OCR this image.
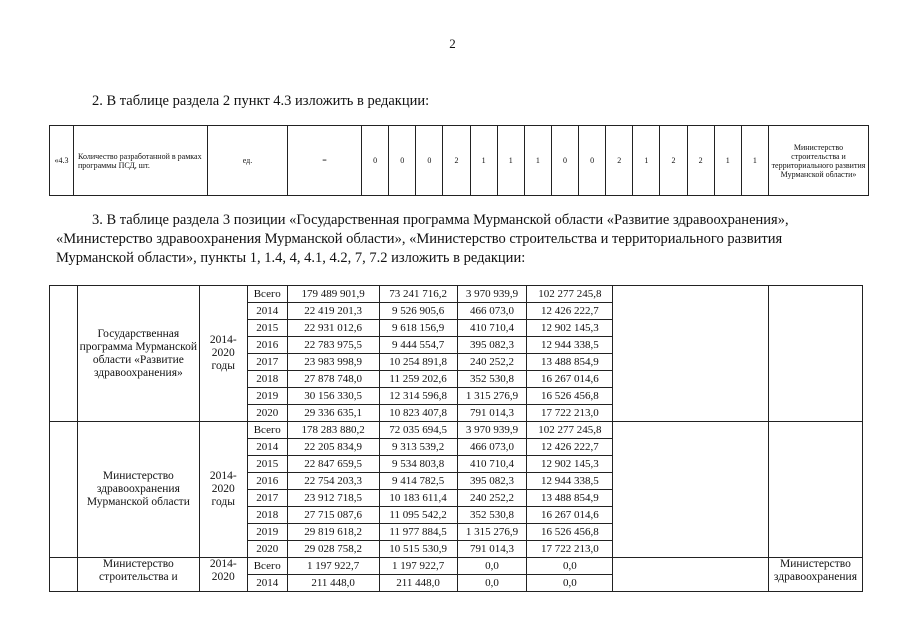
2
2. В таблице раздела 2 пункт 4.3 изложить в редакции:
«4.3	Количество разработанной в рамках программы ПСД, шт.	ед.	=	0	0	0	2	1	1	1	0	0	2	1	2	2	1	1	Министерство строительства и территориального развития Мурманской области»
3. В таблице раздела 3 позиции «Государственная программа Мурманской области «Развитие здравоохранения»,
«Министерство здравоохранения Мурманской области», «Министерство строительства и территориального развития
Мурманской области», пункты 1, 1.4, 4, 4.1, 4.2, 7, 7.2 изложить в редакции:
	Государственная программа Мурманской области «Развитие здравоохранения»	2014-2020 годы	Всего	179 489 901,9	73 241 716,2	3 970 939,9	102 277 245,8		
			2014	22 419 201,3	9 526 905,6	466 073,0	12 426 222,7		
			2015	22 931 012,6	9 618 156,9	410 710,4	12 902 145,3		
			2016	22 783 975,5	9 444 554,7	395 082,3	12 944 338,5		
			2017	23 983 998,9	10 254 891,8	240 252,2	13 488 854,9		
			2018	27 878 748,0	11 259 202,6	352 530,8	16 267 014,6		
			2019	30 156 330,5	12 314 596,8	1 315 276,9	16 526 456,8		
			2020	29 336 635,1	10 823 407,8	791 014,3	17 722 213,0		
	Министерство здравоохранения Мурманской области	2014-2020 годы	Всего	178 283 880,2	72 035 694,5	3 970 939,9	102 277 245,8		
			2014	22 205 834,9	9 313 539,2	466 073,0	12 426 222,7		
			2015	22 847 659,5	9 534 803,8	410 710,4	12 902 145,3		
			2016	22 754 203,3	9 414 782,5	395 082,3	12 944 338,5		
			2017	23 912 718,5	10 183 611,4	240 252,2	13 488 854,9		
			2018	27 715 087,6	11 095 542,2	352 530,8	16 267 014,6		
			2019	29 819 618,2	11 977 884,5	1 315 276,9	16 526 456,8		
			2020	29 028 758,2	10 515 530,9	791 014,3	17 722 213,0		
	Министерство строительства и	2014-2020	Всего	1 197 922,7	1 197 922,7	0,0	0,0		Министерство здравоохранения
			2014	211 448,0	211 448,0	0,0	0,0		
